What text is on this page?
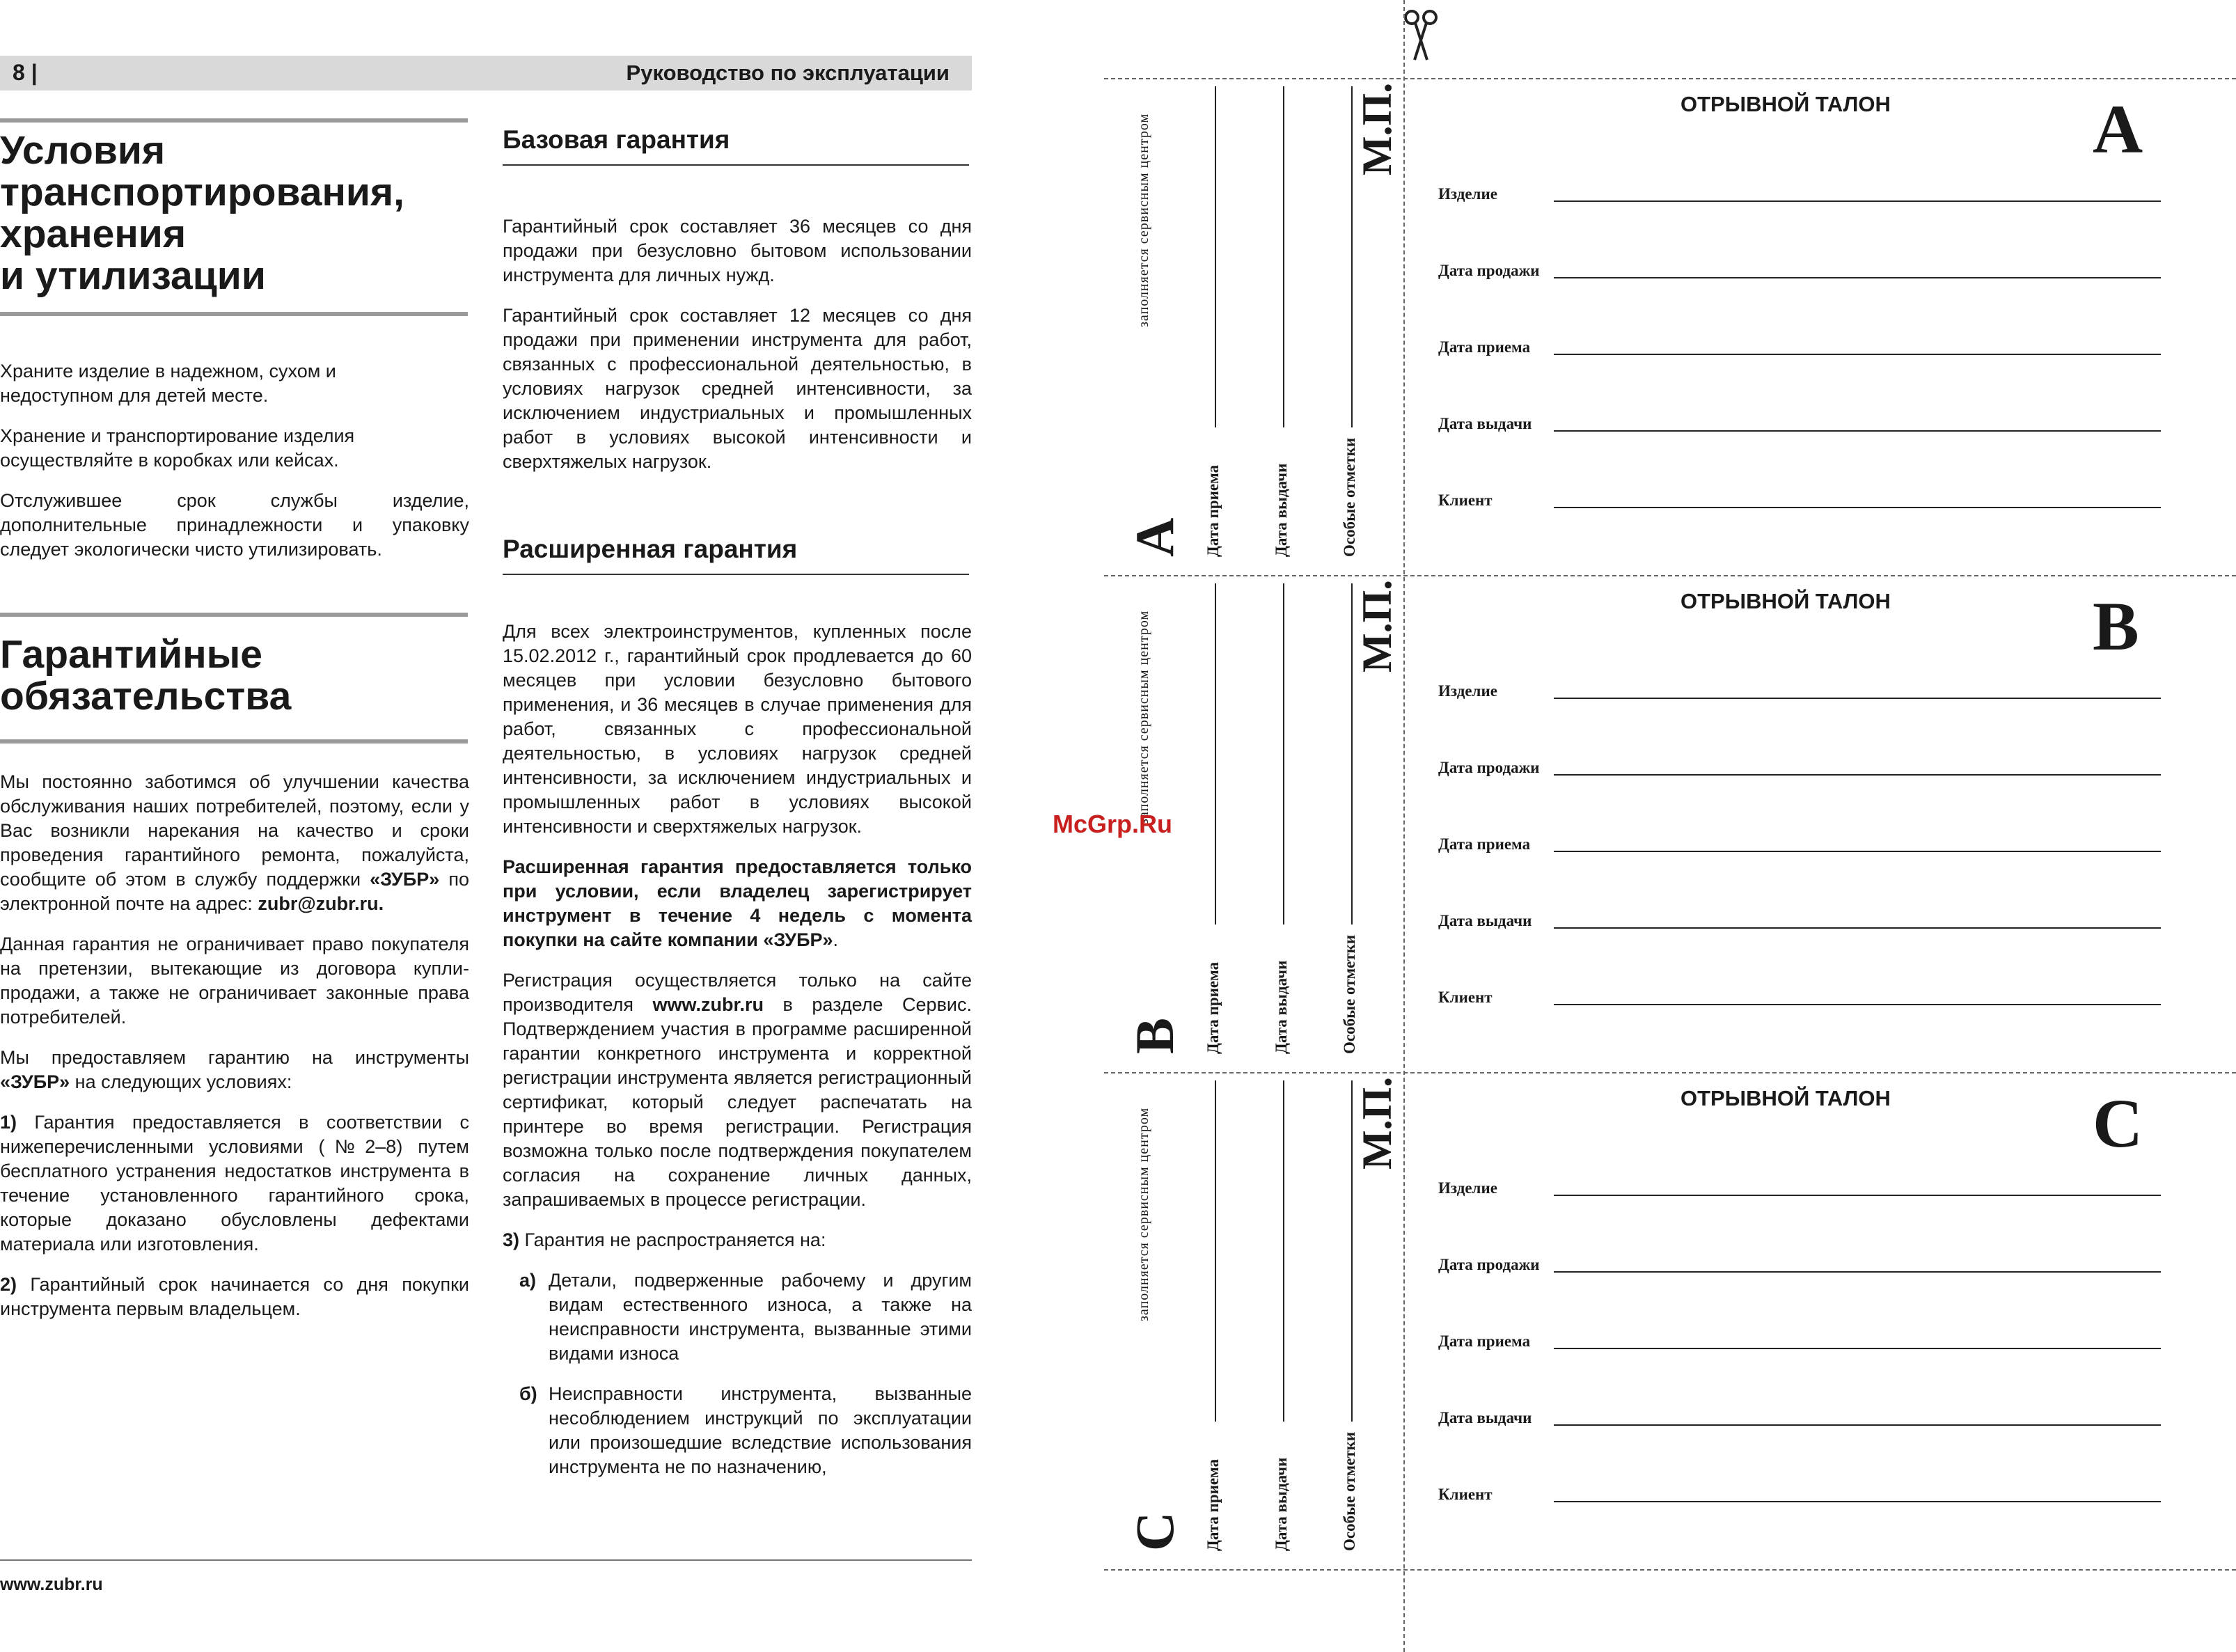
8 |	Руководство по эксплуатации

Условия

транспортирования,

хранения

и утилизации

Храните изделие в надежном, сухом и недоступном для детей месте.

Хранение и транспортирование изделия осуществляйте в коробках или кейсах.

Отслужившее срок службы изделие, дополнительные принадлежности и упаковку следует экологически чисто утилизировать.

Гарантийные

обязательства

Мы постоянно заботимся об улучшении качества обслуживания наших потребителей, поэтому, если у Вас возникли нарекания на качество и сроки проведения гарантийного ремонта, пожалуйста, сообщите об этом в службу поддержки «ЗУБР» по электронной почте на адрес: zubr@zubr.ru.

Данная гарантия не ограничивает право покупателя на претензии, вытекающие из договора купли-продажи, а также не ограничивает законные права потребителей.

Мы предоставляем гарантию на инструменты «ЗУБР» на следующих условиях:

1) Гарантия предоставляется в соответствии с нижеперечисленными условиями (№2–8) путем бесплатного устранения недостатков инструмента в течение установленного гарантийного срока, которые доказано обусловлены дефектами материала или изготовления.

2) Гарантийный срок начинается со дня покупки инструмента первым владельцем.

Базовая гарантия

Гарантийный срок составляет 36 месяцев со дня продажи при безусловно бытовом использовании инструмента для личных нужд.

Гарантийный срок составляет 12 месяцев со дня продажи при применении инструмента для работ, связанных с профессиональной деятельностью, в условиях нагрузок средней интенсивности, за исключением индустриальных и промышленных работ в условиях высокой интенсивности и сверхтяжелых нагрузок.

Расширенная гарантия

Для всех электроинструментов, купленных после 15.02.2012 г., гарантийный срок продлевается до 60 месяцев при условии безусловно бытового применения, и 36 месяцев в случае применения для работ, связанных с профессиональной деятельностью, в условиях нагрузок средней интенсивности, за исключением индустриальных и промышленных работ в условиях высокой интенсивности и сверхтяжелых нагрузок.

Расширенная гарантия предоставляется только при условии, если владелец зарегистрирует инструмент в течение 4 недель с момента покупки на сайте компании «ЗУБР».

Регистрация осуществляется только на сайте производителя www.zubr.ru в разделе Сервис. Подтверждением участия в программе расширенной гарантии конкретного инструмента и корректной регистрации инструмента является регистрационный сертификат, который следует распечатать на принтере во время регистрации. Регистрация возможна только после подтверждения покупателем согласия на сохранение личных данных, запрашиваемых в процессе регистрации.

3) Гарантия не распространяется на:

а) Детали, подверженные рабочему и другим видам естественного износа, а также на неисправности инструмента, вызванные этими видами износа

б) Неисправности инструмента, вызванные несоблюдением инструкций по эксплуатации или произошедшие вследствие использования инструмента не по назначению,

www.zubr.ru
ОТРЫВНОЙ ТАЛОН	A
Изделие
Дата продажи
Дата приема
Дата выдачи
Клиент
A
заполняется сервисным центром
Дата приема	Дата выдачи	Особые отметки
М.П.
ОТРЫВНОЙ ТАЛОН	B
Изделие
Дата продажи
Дата приема
Дата выдачи
Клиент
B
заполняется сервисным центром
Дата приема	Дата выдачи	Особые отметки
М.П.
ОТРЫВНОЙ ТАЛОН	C
Изделие
Дата продажи
Дата приема
Дата выдачи
Клиент
C
заполняется сервисным центром
Дата приема	Дата выдачи	Особые отметки
М.П.
McGrp.Ru
